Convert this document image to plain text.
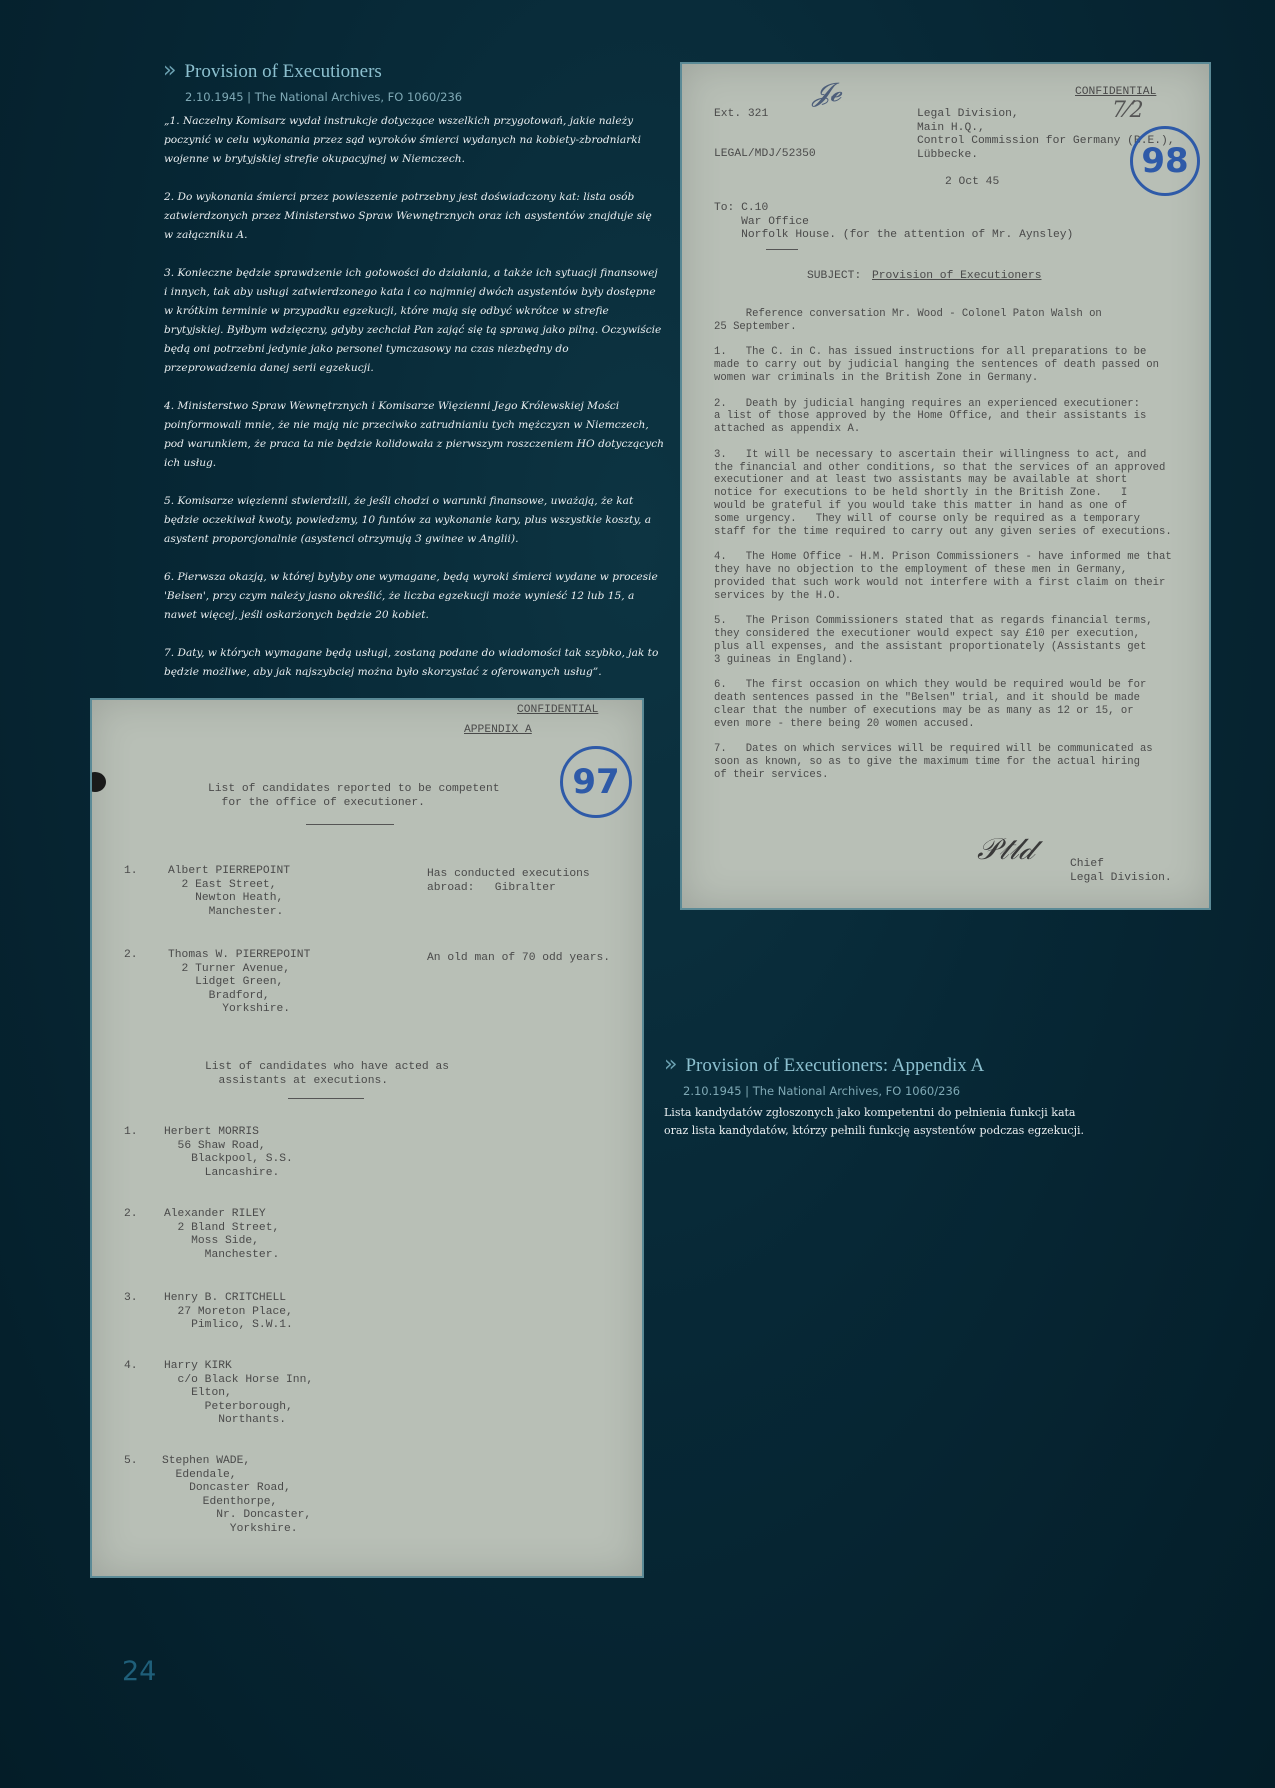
» Provision of Executioners
2.10.1945 | The National Archives, FO 1060/236

„1. Naczelny Komisarz wydał instrukcje dotyczące wszelkich przygotowań, jakie należy poczynić w celu wykonania przez sąd wyroków śmierci wydanych na kobiety-zbrodniarki wojenne w brytyjskiej strefie okupacyjnej w Niemczech.

2. Do wykonania śmierci przez powieszenie potrzebny jest doświadczony kat: lista osób zatwierdzonych przez Ministerstwo Spraw Wewnętrznych oraz ich asystentów znajduje się w załączniku A.

3. Konieczne będzie sprawdzenie ich gotowości do działania, a także ich sytuacji finansowej i innych, tak aby usługi zatwierdzonego kata i co najmniej dwóch asystentów były dostępne w krótkim terminie w przypadku egzekucji, które mają się odbyć wkrótce w strefie brytyjskiej. Byłbym wdzięczny, gdyby zechciał Pan zająć się tą sprawą jako pilną. Oczywiście będą oni potrzebni jedynie jako personel tymczasowy na czas niezbędny do przeprowadzenia danej serii egzekucji.

4. Ministerstwo Spraw Wewnętrznych i Komisarze Więzienni Jego Królewskiej Mości poinformowali mnie, że nie mają nic przeciwko zatrudnianiu tych mężczyzn w Niemczech, pod warunkiem, że praca ta nie będzie kolidowała z pierwszym roszczeniem HO dotyczących ich usług.

5. Komisarze więzienni stwierdzili, że jeśli chodzi o warunki finansowe, uważają, że kat będzie oczekiwał kwoty, powiedzmy, 10 funtów za wykonanie kary, plus wszystkie koszty, a asystent proporcjonalnie (asystenci otrzymują 3 gwinee w Anglii).

6. Pierwsza okazją, w której byłyby one wymagane, będą wyroki śmierci wydane w procesie 'Belsen', przy czym należy jasno określić, że liczba egzekucji może wynieść 12 lub 15, a nawet więcej, jeśli oskarżonych będzie 20 kobiet.

7. Daty, w których wymagane będą usługi, zostaną podane do wiadomości tak szybko, jak to będzie możliwe, aby jak najszybciej można było skorzystać z oferowanych usług”.

𝓙𝓮	CONFIDENTIAL
7⁄2
Ext. 321	Legal Division,
Main H.Q.,
Control Commission for Germany (B.E.),
Lübbecke.
LEGAL/MDJ/52350	98
2 Oct 45
To: C.10
War Office
Norfolk House. (for the attention of Mr. Aynsley)
SUBJECT: Provision of Executioners
Reference conversation Mr. Wood - Colonel Paton Walsh on
25 September.

1.   The C. in C. has issued instructions for all preparations to be
made to carry out by judicial hanging the sentences of death passed on
women war criminals in the British Zone in Germany.

2.   Death by judicial hanging requires an experienced executioner:
a list of those approved by the Home Office, and their assistants is
attached as appendix A.

3.   It will be necessary to ascertain their willingness to act, and
the financial and other conditions, so that the services of an approved
executioner and at least two assistants may be available at short
notice for executions to be held shortly in the British Zone.   I
would be grateful if you would take this matter in hand as one of
some urgency.   They will of course only be required as a temporary
staff for the time required to carry out any given series of executions.

4.   The Home Office - H.M. Prison Commissioners - have informed me that
they have no objection to the employment of these men in Germany,
provided that such work would not interfere with a first claim on their
services by the H.O.

5.   The Prison Commissioners stated that as regards financial terms,
they considered the executioner would expect say £10 per execution,
plus all expenses, and the assistant proportionately (Assistants get
3 guineas in England).

6.   The first occasion on which they would be required would be for
death sentences passed in the "Belsen" trial, and it should be made
clear that the number of executions may be as many as 12 or 15, or
even more - there being 20 women accused.

7.   Dates on which services will be required will be communicated as
soon as known, so as to give the maximum time for the actual hiring
of their services.
𝒫𝓉𝓁𝒹	Chief
Legal Division.
CONFIDENTIAL
APPENDIX A
97
List of candidates reported to be competent
for the office of executioner.
1.	Albert PIERREPOINT
2 East Street,
Newton Heath,
Manchester.
Has conducted executions
abroad:   Gibralter
2.	Thomas W. PIERREPOINT
2 Turner Avenue,
Lidget Green,
Bradford,
Yorkshire.
An old man of 70 odd years.
List of candidates who have acted as
assistants at executions.
1. Herbert MORRIS
56 Shaw Road,
Blackpool, S.S.
Lancashire.
2. Alexander RILEY
2 Bland Street,
Moss Side,
Manchester.
3. Henry B. CRITCHELL
27 Moreton Place,
Pimlico, S.W.1.
4. Harry KIRK
c/o Black Horse Inn,
Elton,
Peterborough,
Northants.
5. Stephen WADE,
Edendale,
Doncaster Road,
Edenthorpe,
Nr. Doncaster,
Yorkshire.
» Provision of Executioners: Appendix A
2.10.1945 | The National Archives, FO 1060/236
Lista kandydatów zgłoszonych jako kompetentni do pełnienia funkcji kata oraz lista kandydatów, którzy pełnili funkcję asystentów podczas egzekucji.
24
